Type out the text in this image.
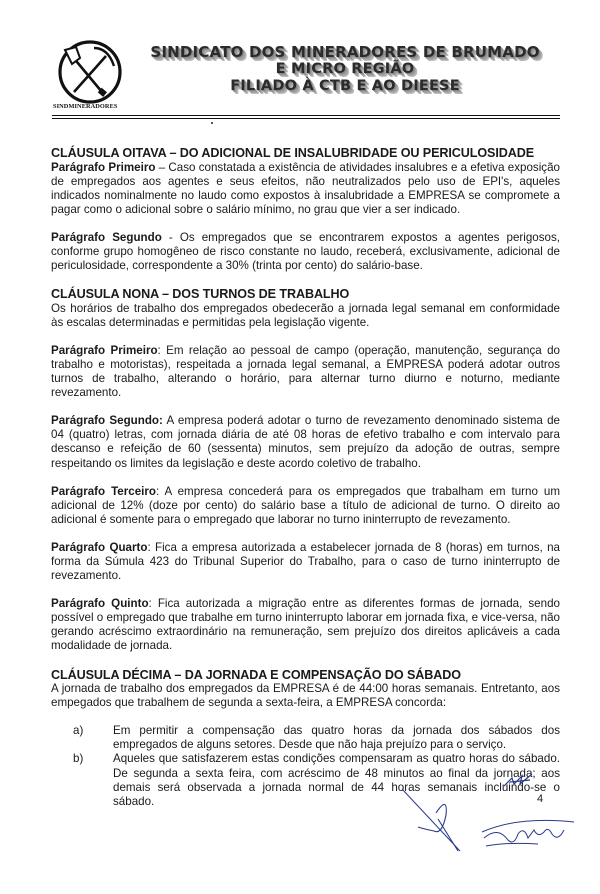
SINDMINERADORES
SINDICATO DOS MINERADORES DE BRUMADO
E MICRO REGIÃO
FILIADO À CTB E AO DIEESE

CLÁUSULA OITAVA – DO ADICIONAL DE INSALUBRIDADE OU PERICULOSIDADE

Parágrafo Primeiro – Caso constatada a existência de atividades insalubres e a efetiva exposição de empregados aos agentes e seus efeitos, não neutralizados pelo uso de EPI's, aqueles indicados nominalmente no laudo como expostos à insalubridade a EMPRESA se compromete a pagar como o adicional sobre o salário mínimo, no grau que vier a ser indicado.

Parágrafo Segundo - Os empregados que se encontrarem expostos a agentes perigosos, conforme grupo homogêneo de risco constante no laudo, receberá, exclusivamente, adicional de periculosidade, correspondente a 30% (trinta por cento) do salário-base.

CLÁUSULA NONA – DOS TURNOS DE TRABALHO

Os horários de trabalho dos empregados obedecerão a jornada legal semanal em conformidade às escalas determinadas e permitidas pela legislação vigente.

Parágrafo Primeiro: Em relação ao pessoal de campo (operação, manutenção, segurança do trabalho e motoristas), respeitada a jornada legal semanal, a EMPRESA poderá adotar outros turnos de trabalho, alterando o horário, para alternar turno diurno e noturno, mediante revezamento.

Parágrafo Segundo: A empresa poderá adotar o turno de revezamento denominado sistema de 04 (quatro) letras, com jornada diária de até 08 horas de efetivo trabalho e com intervalo para descanso e refeição de 60 (sessenta) minutos, sem prejuízo da adoção de outras, sempre respeitando os limites da legislação e deste acordo coletivo de trabalho.

Parágrafo Terceiro: A empresa concederá para os empregados que trabalham em turno um adicional de 12% (doze por cento) do salário base a título de adicional de turno. O direito ao adicional é somente para o empregado que laborar no turno ininterrupto de revezamento.

Parágrafo Quarto: Fica a empresa autorizada a estabelecer jornada de 8 (horas) em turnos, na forma da Súmula 423 do Tribunal Superior do Trabalho, para o caso de turno ininterrupto de revezamento.

Parágrafo Quinto: Fica autorizada a migração entre as diferentes formas de jornada, sendo possível o empregado que trabalhe em turno ininterrupto laborar em jornada fixa, e vice-versa, não gerando acréscimo extraordinário na remuneração, sem prejuízo dos direitos aplicáveis a cada modalidade de jornada.

CLÁUSULA DÉCIMA – DA JORNADA E COMPENSAÇÃO DO SÁBADO

A jornada de trabalho dos empregados da EMPRESA é de 44:00 horas semanais. Entretanto, aos empegados que trabalhem de segunda a sexta-feira, a EMPRESA concorda:

a)	Em permitir a compensação das quatro horas da jornada dos sábados dos empregados de alguns setores. Desde que não haja prejuízo para o serviço.
b)	Aqueles que satisfazerem estas condições compensaram as quatro horas do sábado. De segunda a sexta feira, com acréscimo de 48 minutos ao final da jornada; aos demais será observada a jornada normal de 44 horas semanais incluindo-se o sábado.	4
